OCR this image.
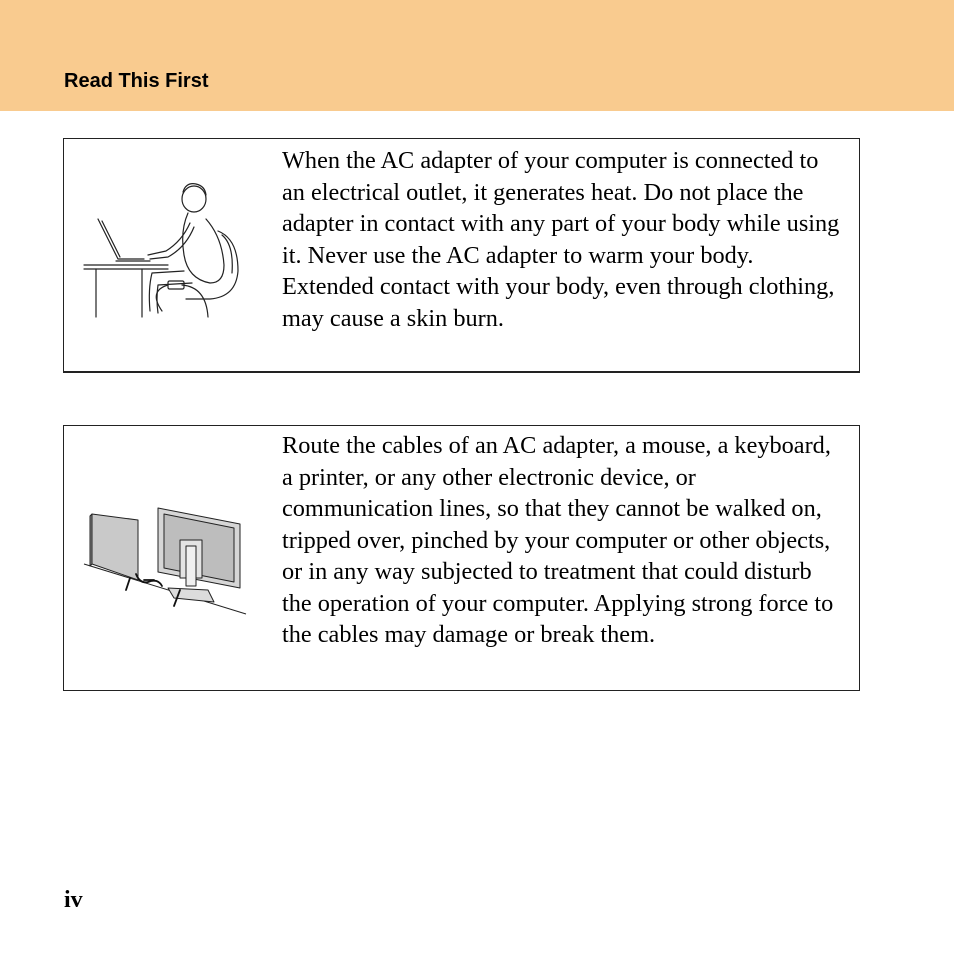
Read This First
When the AC adapter of your computer is connected to an electrical outlet, it generates heat. Do not place the adapter in contact with any part of your body while using it. Never use the AC adapter to warm your body. Extended contact with your body, even through clothing, may cause a skin burn.
Route the cables of an AC adapter, a mouse, a keyboard, a printer, or any other electronic device, or communication lines, so that they cannot be walked on, tripped over, pinched by your computer or other objects, or in any way subjected to treatment that could disturb the operation of your computer. Applying strong force to the cables may damage or break them.
iv
